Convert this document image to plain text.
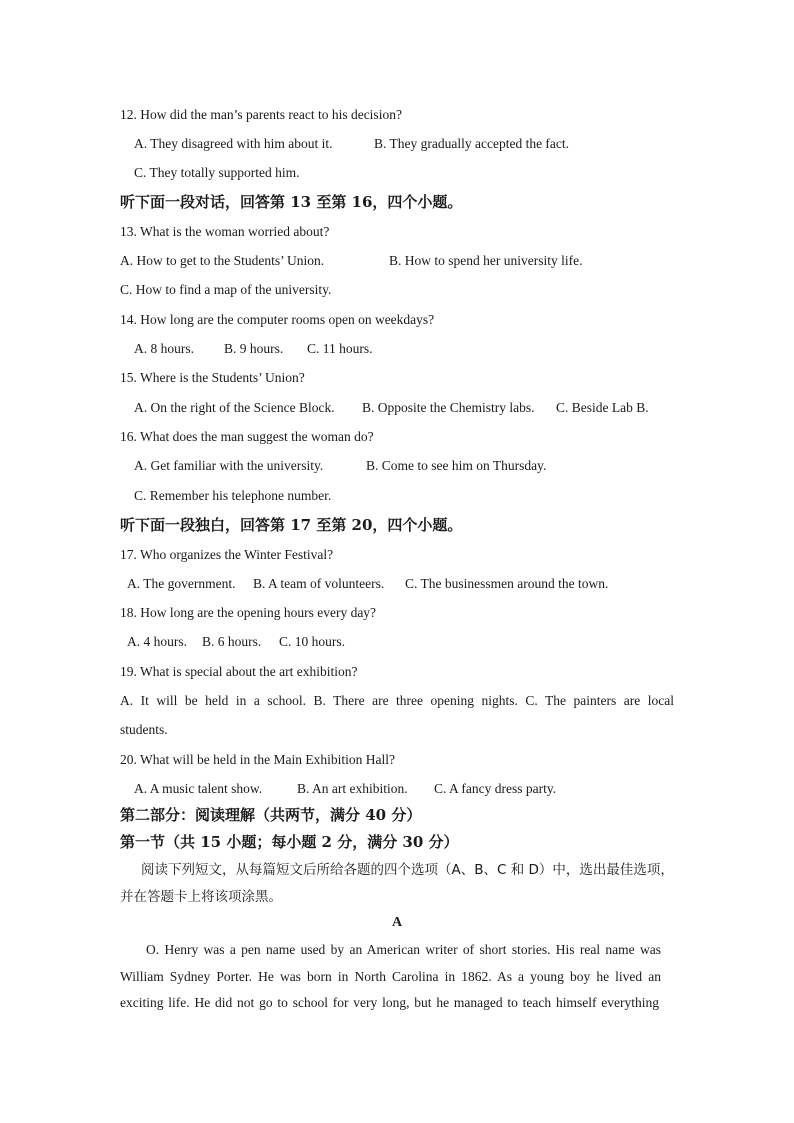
12. How did the man’s parents react to his decision?
A. They disagreed with him about it.	B. They gradually accepted the fact.
C. They totally supported him.
听下面一段对话，回答第 13 至第 16，四个小题。
13. What is the woman worried about?
A. How to get to the Students’ Union.	B. How to spend her university life.
C. How to find a map of the university.
14. How long are the computer rooms open on weekdays?
A. 8 hours. B. 9 hours. C. 11 hours.
15. Where is the Students’ Union?
A. On the right of the Science Block. B. Opposite the Chemistry labs. C. Beside Lab B.
16. What does the man suggest the woman do?
A. Get familiar with the university.	B. Come to see him on Thursday.
C. Remember his telephone number.
听下面一段独白，回答第 17 至第 20，四个小题。
17. Who organizes the Winter Festival?
A. The government. B. A team of volunteers. C. The businessmen around the town.
18. How long are the opening hours every day?
A. 4 hours. B. 6 hours. C. 10 hours.
19. What is special about the art exhibition?
A. It will be held in a school. B. There are three opening nights. C. The painters are local
students.
20. What will be held in the Main Exhibition Hall?
A. A music talent show.	B. An art exhibition. C. A fancy dress party.
第二部分：阅读理解（共两节，满分 40 分）
第一节（共 15 小题；每小题 2 分，满分 30 分）
阅读下列短文，从每篇短文后所给各题的四个选项（A、B、C 和 D）中，选出最佳选项，
并在答题卡上将该项涂黑。
A
O. Henry was a pen name used by an American writer of short stories. His real name was
William Sydney Porter. He was born in North Carolina in 1862. As a young boy he lived an
exciting life. He did not go to school for very long, but he managed to teach himself everything
